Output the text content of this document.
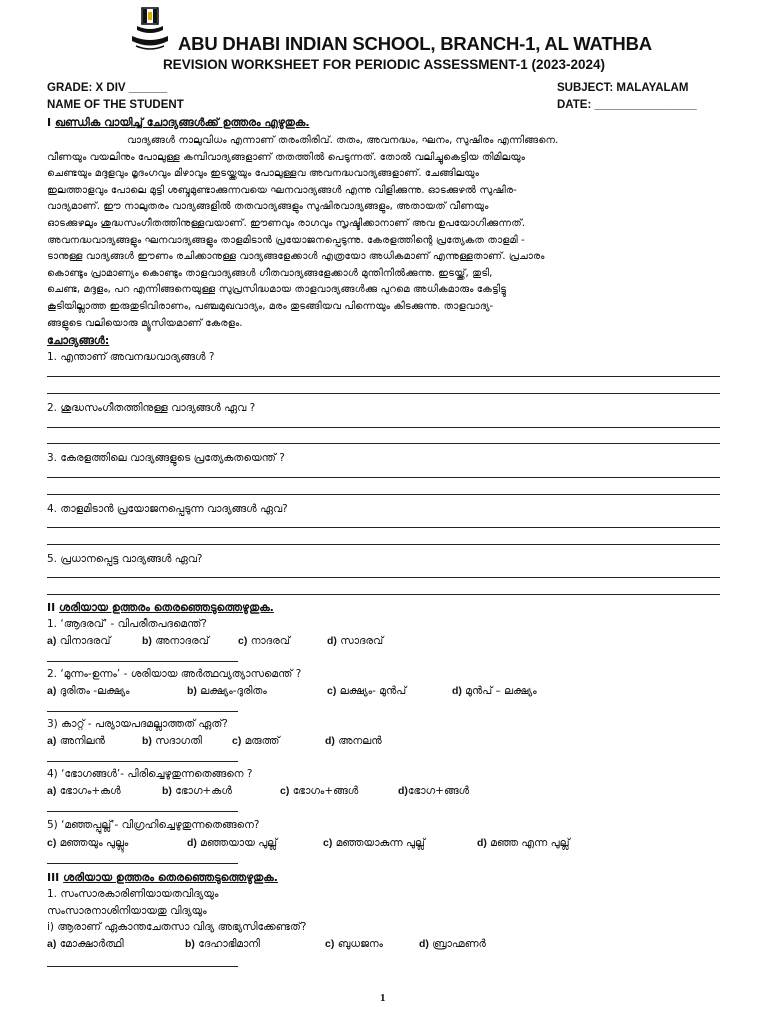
ABU DHABI INDIAN SCHOOL, BRANCH-1, AL WATHBA
REVISION WORKSHEET FOR PERIODIC ASSESSMENT-1 (2023-2024)
GRADE: X DIV ______	SUBJECT: MALAYALAM
NAME OF THE STUDENT	DATE: ________________
I ഖണ്ഡിക വായിച്ച് ചോദ്യങ്ങൾക്ക് ഉത്തരം എഴുതുക.
വാദ്യങ്ങൾ നാലുവിധം എന്നാണ് തരംതിരിവ്. തതം, അവനദ്ധം, ഘനം, സുഷിരം എന്നിങ്ങനെ.
വീണയും വയലിനും പോലുള്ള കമ്പിവാദ്യങ്ങളാണ് തതത്തിൽ പെടുന്നത്. തോൽ വലിച്ചുകെട്ടിയ തിമിലയും
ചെണ്ടയും മദ്ദളവും മൃദംഗവും മിഴാവും ഇടയ്ക്കയും പോലുള്ളവ അവനദ്ധവാദ്യങ്ങളാണ്. ചേങ്ങിലയും
ഇലത്താളവും പോലെ മുട്ടി ശബ്ദമുണ്ടാക്കുന്നവയെ ഘനവാദ്യങ്ങൾ എന്നു വിളിക്കുന്നു. ഓടക്കുഴൽ സുഷിര-
വാദ്യമാണ്. ഈ നാലുതരം വാദ്യങ്ങളിൽ തതവാദ്യങ്ങളും സുഷിരവാദ്യങ്ങളും, അതായത് വീണയും
ഓടക്കുഴലും ശുദ്ധസംഗീതത്തിനുള്ളവയാണ്. ഈണവും രാഗവും സൃഷ്ടിക്കാനാണ് അവ ഉപയോഗിക്കുന്നത്.
അവനദ്ധവാദ്യങ്ങളും ഘനവാദ്യങ്ങളും താളമിടാൻ പ്രയോജനപ്പെടുന്നു. കേരളത്തിന്റെ പ്രത്യേകത താളമി -
ടാനുള്ള വാദ്യങ്ങൾ ഈണം രചിക്കാനുള്ള വാദ്യങ്ങളേക്കാൾ എത്രയോ അധികമാണ് എന്നുള്ളതാണ്. പ്രചാരം
കൊണ്ടും പ്രാമാണ്യം കൊണ്ടും താളവാദ്യങ്ങൾ ഗീതവാദ്യങ്ങളേക്കാൾ മുന്തിനിൽക്കുന്നു. ഇടയ്ക്ക്, തുടി,
ചെണ്ട, മദ്ദളം, പറ എന്നിങ്ങനെയുള്ള സുപ്രസിദ്ധമായ താളവാദ്യങ്ങൾക്കു പുറമെ അധികമാരും കേട്ടിട്ടു
കൂടിയില്ലാത്ത ഇരുതുടിവിരാണം, പഞ്ചമുഖവാദ്യം, മരം തുടങ്ങിയവ പിന്നെയും കിടക്കുന്നു. താളവാദ്യ-
ങ്ങളുടെ വലിയൊരു മ്യൂസിയമാണ് കേരളം.
ചോദ്യങ്ങൾ:
1. എന്താണ് അവനദ്ധവാദ്യങ്ങൾ ?
2. ശുദ്ധസംഗീതത്തിനുള്ള വാദ്യങ്ങൾ ഏവ ?
3. കേരളത്തിലെ വാദ്യങ്ങളുടെ പ്രത്യേകതയെന്ത് ?
4. താളമിടാൻ പ്രയോജനപ്പെടുന്ന വാദ്യങ്ങൾ ഏവ?
5. പ്രധാനപ്പെട്ട വാദ്യങ്ങൾ ഏവ?
II ശരിയായ ഉത്തരം തെരഞ്ഞെടുത്തെഴുതുക.
1. ‘ആദരവ്’ - വിപരീതപദമെന്ത്?
a) വിനാദരവ്	b) അനാദരവ്	c) നാദരവ്	d) സാദരവ്
2. ‘മുന്നം-ഉന്നം’ - ശരിയായ അർത്ഥവ്യത്യാസമെന്ത് ?
a) ദുരിതം -ലക്ഷ്യം	b) ലക്ഷ്യം-ദുരിതം	c) ലക്ഷ്യം- മുൻപ്	d) മുൻപ് – ലക്ഷ്യം
3) കാറ്റ് - പര്യായപദമല്ലാത്തത് ഏത്?
a) അനിലൻ	b) സദാഗതി	c) മരുത്ത്	d) അനലൻ
4) ‘ഭോഗങ്ങൾ’- പിരിച്ചെഴുതുന്നതെങ്ങനെ ?
a) ഭോഗം+കൾ	b) ഭോഗ+കൾ	c) ഭോഗം+ങ്ങൾ	d)ഭോഗ+ങ്ങൾ
5) ‘മഞ്ഞപ്പുല്ല്’- വിഗ്രഹിച്ചെഴുതുന്നതെങ്ങനെ?
c) മഞ്ഞയും പുല്ലും	d) മഞ്ഞയായ പുല്ല്	c) മഞ്ഞയാകുന്ന പുല്ല്	d) മഞ്ഞ എന്ന പുല്ല്
III ശരിയായ ഉത്തരം തെരഞ്ഞെടുത്തെഴുതുക.
1. സംസാരകാരിണിയായതവിദ്യയും
സംസാരനാശിനിയായതു വിദ്യയും
i) ആരാണ് ഏകാന്തചേതസാ വിദ്യ അഭ്യസിക്കേണ്ടത്?
a) മോക്ഷാർത്ഥി	b) ദേഹാഭിമാനി	c) ബുധജനം	d) ബ്രാഹ്മണർ
1
